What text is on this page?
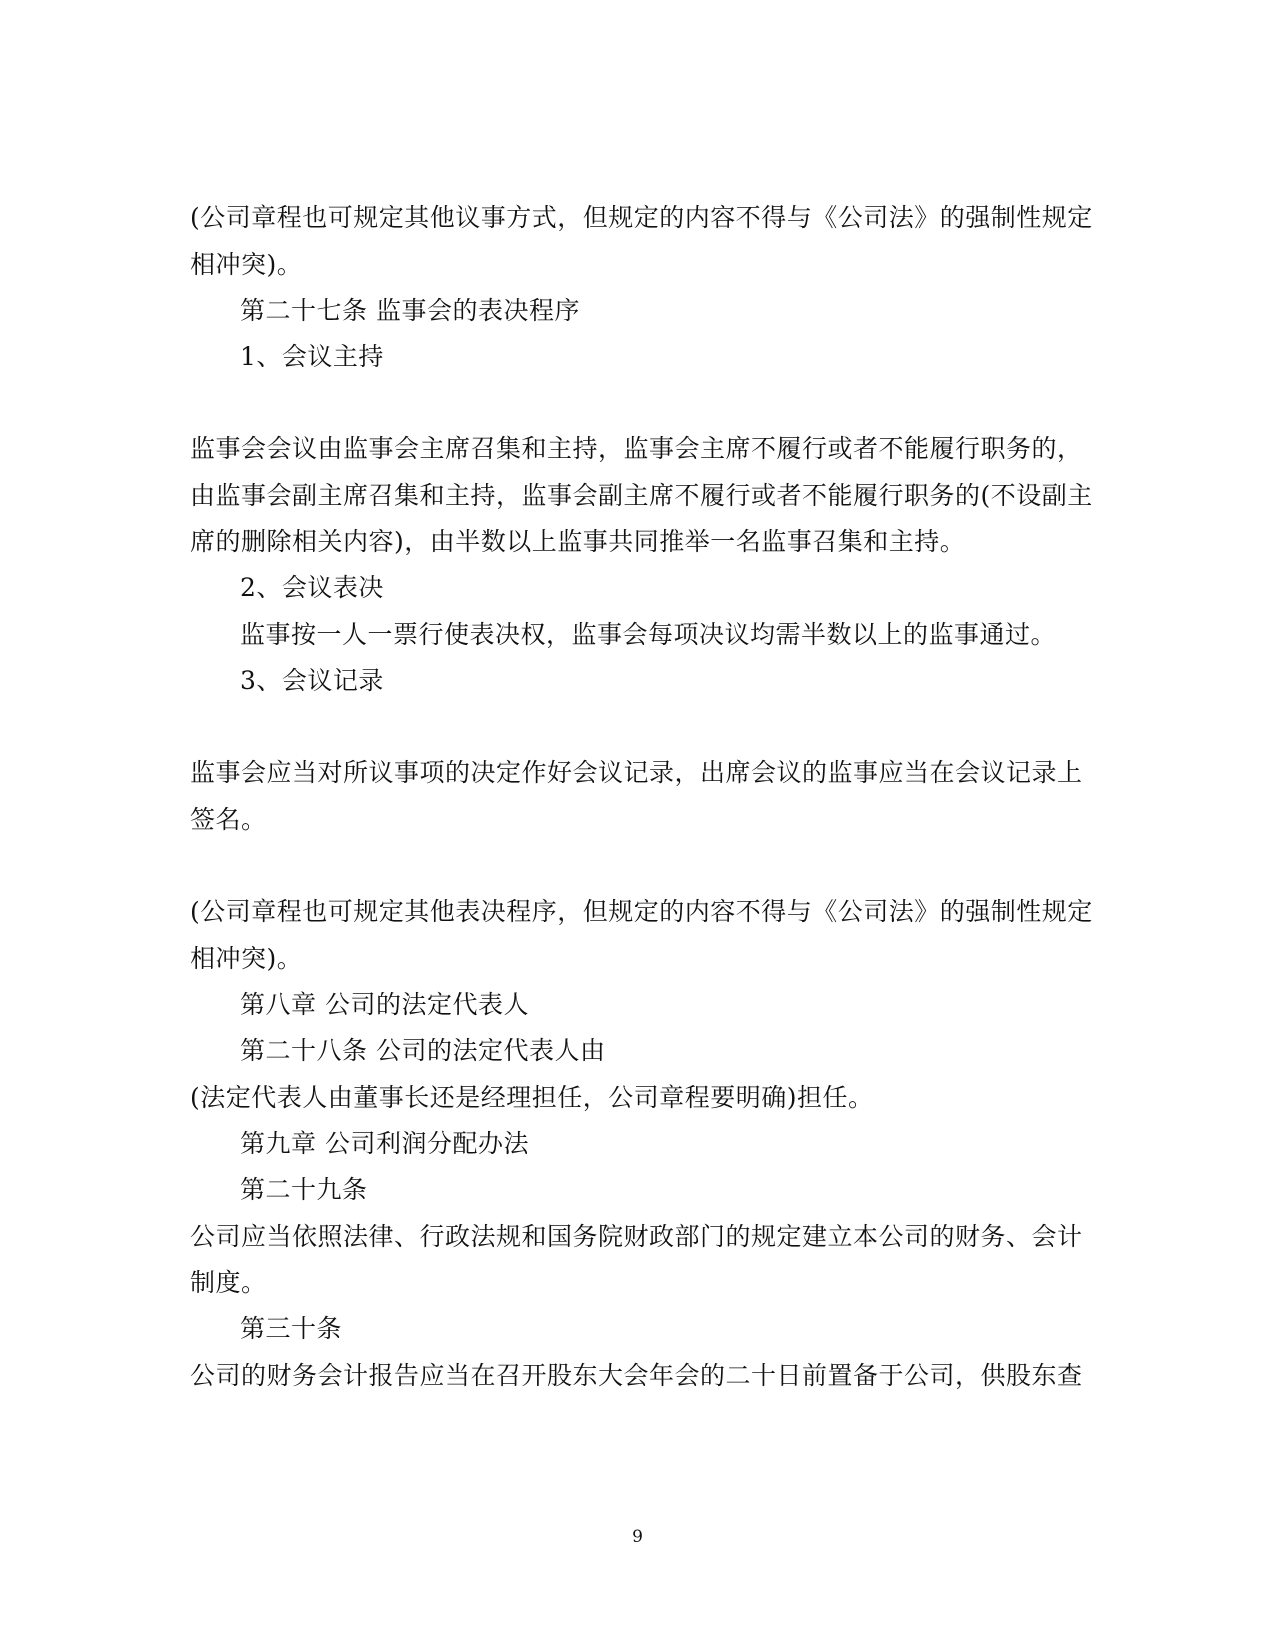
(公司章程也可规定其他议事方式，但规定的内容不得与《公司法》的强制性规定
相冲突)。
第二十七条 监事会的表决程序
1、会议主持
监事会会议由监事会主席召集和主持，监事会主席不履行或者不能履行职务的，
由监事会副主席召集和主持，监事会副主席不履行或者不能履行职务的(不设副主
席的删除相关内容)，由半数以上监事共同推举一名监事召集和主持。
2、会议表决
监事按一人一票行使表决权，监事会每项决议均需半数以上的监事通过。
3、会议记录
监事会应当对所议事项的决定作好会议记录，出席会议的监事应当在会议记录上
签名。
(公司章程也可规定其他表决程序，但规定的内容不得与《公司法》的强制性规定
相冲突)。
第八章 公司的法定代表人
第二十八条 公司的法定代表人由
(法定代表人由董事长还是经理担任，公司章程要明确)担任。
第九章 公司利润分配办法
第二十九条
公司应当依照法律、行政法规和国务院财政部门的规定建立本公司的财务、会计
制度。
第三十条
公司的财务会计报告应当在召开股东大会年会的二十日前置备于公司，供股东查
9
